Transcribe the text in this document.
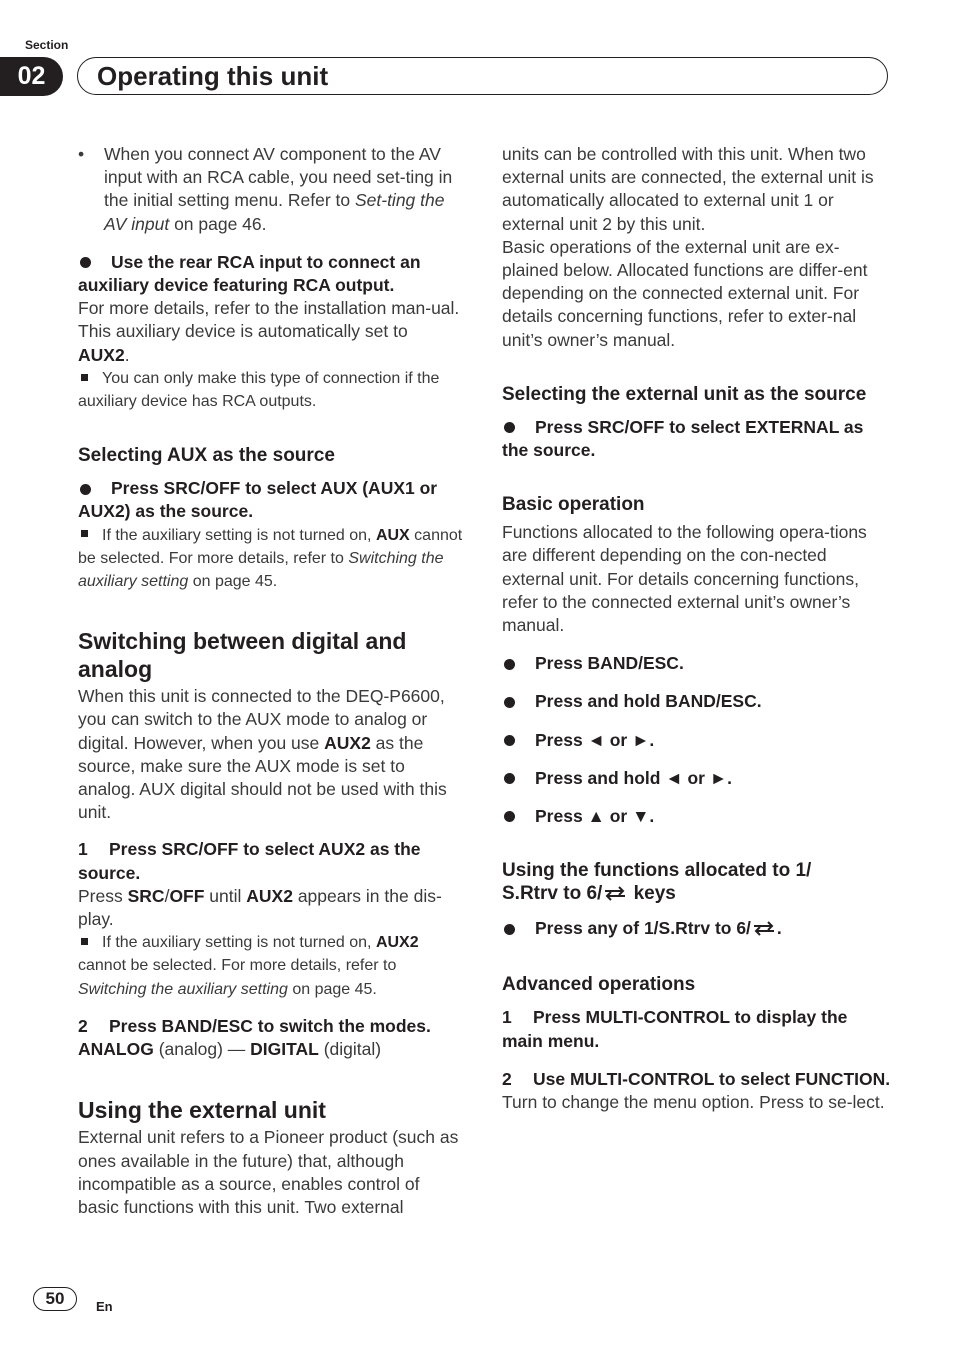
Section
02	Operating this unit

• When you connect AV component to the AV input with an RCA cable, you need set-ting in the initial setting menu. Refer to Set-ting the AV input on page 46.

Use the rear RCA input to connect an auxiliary device featuring RCA output.

For more details, refer to the installation man-ual.

This auxiliary device is automatically set to AUX2.

You can only make this type of connection if the auxiliary device has RCA outputs.

Selecting AUX as the source

Press SRC/OFF to select AUX (AUX1 or AUX2) as the source.

If the auxiliary setting is not turned on, AUX cannot be selected. For more details, refer to Switching the auxiliary setting on page 45.

Switching between digital and analog

When this unit is connected to the DEQ-P6600, you can switch to the AUX mode to analog or digital. However, when you use AUX2 as the source, make sure the AUX mode is set to analog. AUX digital should not be used with this unit.

1 Press SRC/OFF to select AUX2 as the source.

Press SRC/OFF until AUX2 appears in the dis-play.

If the auxiliary setting is not turned on, AUX2 cannot be selected. For more details, refer to Switching the auxiliary setting on page 45.

2 Press BAND/ESC to switch the modes.

ANALOG (analog) — DIGITAL (digital)

Using the external unit

External unit refers to a Pioneer product (such as ones available in the future) that, although incompatible as a source, enables control of basic functions with this unit. Two external

units can be controlled with this unit. When two external units are connected, the external unit is automatically allocated to external unit 1 or external unit 2 by this unit.

Basic operations of the external unit are ex-plained below. Allocated functions are differ-ent depending on the connected external unit. For details concerning functions, refer to exter-nal unit’s owner’s manual.

Selecting the external unit as the source

Press SRC/OFF to select EXTERNAL as the source.

Basic operation

Functions allocated to the following opera-tions are different depending on the con-nected external unit. For details concerning functions, refer to the connected external unit’s owner’s manual.

Press BAND/ESC.

Press and hold BAND/ESC.

Press ◄ or ►.

Press and hold ◄ or ►.

Press ▲ or ▼.

Using the functions allocated to 1/
S.Rtrv to 6/ keys

Press any of 1/S.Rtrv to 6/ .

Advanced operations

1 Press MULTI-CONTROL to display the main menu.

2 Use MULTI-CONTROL to select FUNCTION.

Turn to change the menu option. Press to se-lect.

50	En
